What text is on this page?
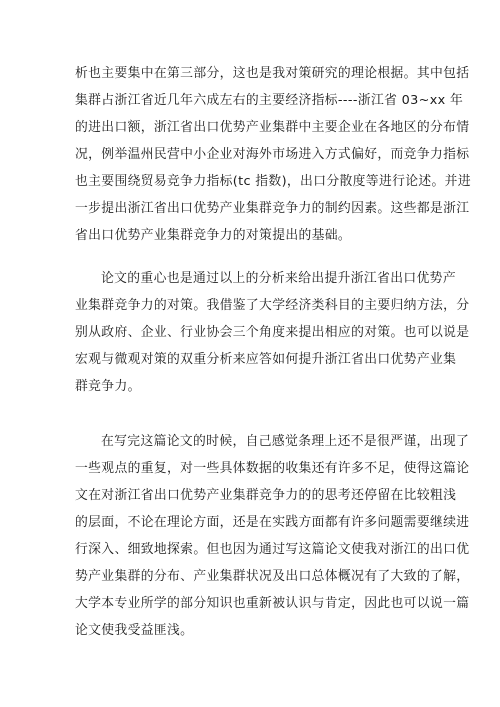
析也主要集中在第三部分，这也是我对策研究的理论根据。其中包括

集群占浙江省近几年六成左右的主要经济指标----浙江省 03~xx 年

的进出口额，浙江省出口优势产业集群中主要企业在各地区的分布情

况，例举温州民营中小企业对海外市场进入方式偏好，而竞争力指标

也主要围绕贸易竞争力指标(tc 指数)，出口分散度等进行论述。并进

一步提出浙江省出口优势产业集群竞争力的制约因素。这些都是浙江

省出口优势产业集群竞争力的对策提出的基础。

论文的重心也是通过以上的分析来给出提升浙江省出口优势产

业集群竞争力的对策。我借鉴了大学经济类科目的主要归纳方法，分

别从政府、企业、行业协会三个角度来提出相应的对策。也可以说是

宏观与微观对策的双重分析来应答如何提升浙江省出口优势产业集

群竞争力。

在写完这篇论文的时候，自己感觉条理上还不是很严谨，出现了

一些观点的重复，对一些具体数据的收集还有许多不足，使得这篇论

文在对浙江省出口优势产业集群竞争力的的思考还停留在比较粗浅

的层面，不论在理论方面，还是在实践方面都有许多问题需要继续进

行深入、细致地探索。但也因为通过写这篇论文使我对浙江的出口优

势产业集群的分布、产业集群状况及出口总体概况有了大致的了解，

大学本专业所学的部分知识也重新被认识与肯定，因此也可以说一篇

论文使我受益匪浅。
